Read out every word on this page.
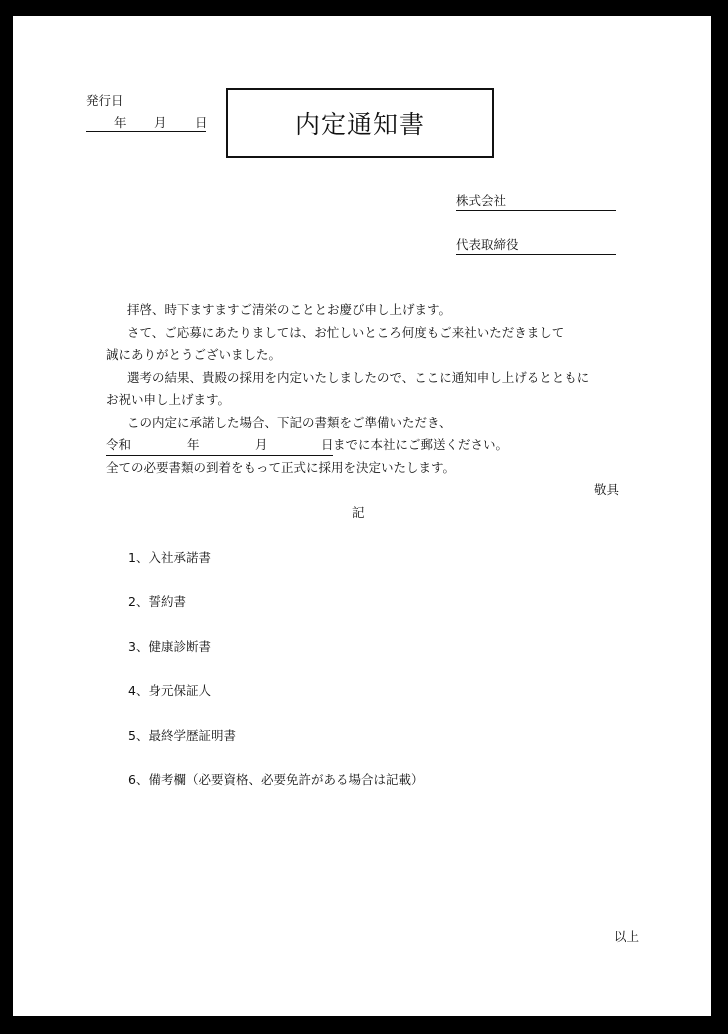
発行日
年 月 日	内定通知書
株式会社
代表取締役

拝啓、時下ますますご清栄のこととお慶び申し上げます。

さて、ご応募にあたりましては、お忙しいところ何度もご来社いただきまして

誠にありがとうございました。

選考の結果、貴殿の採用を内定いたしましたので、ここに通知申し上げるとともに

お祝い申し上げます。

この内定に承諾した場合、下記の書類をご準備いただき、

令和	年	月	日 までに本社にご郵送ください。

全ての必要書類の到着をもって正式に採用を決定いたします。

敬具
記
1、入社承諾書
2、誓約書
3、健康診断書
4、身元保証人
5、最終学歴証明書
6、備考欄（必要資格、必要免許がある場合は記載）
以上
